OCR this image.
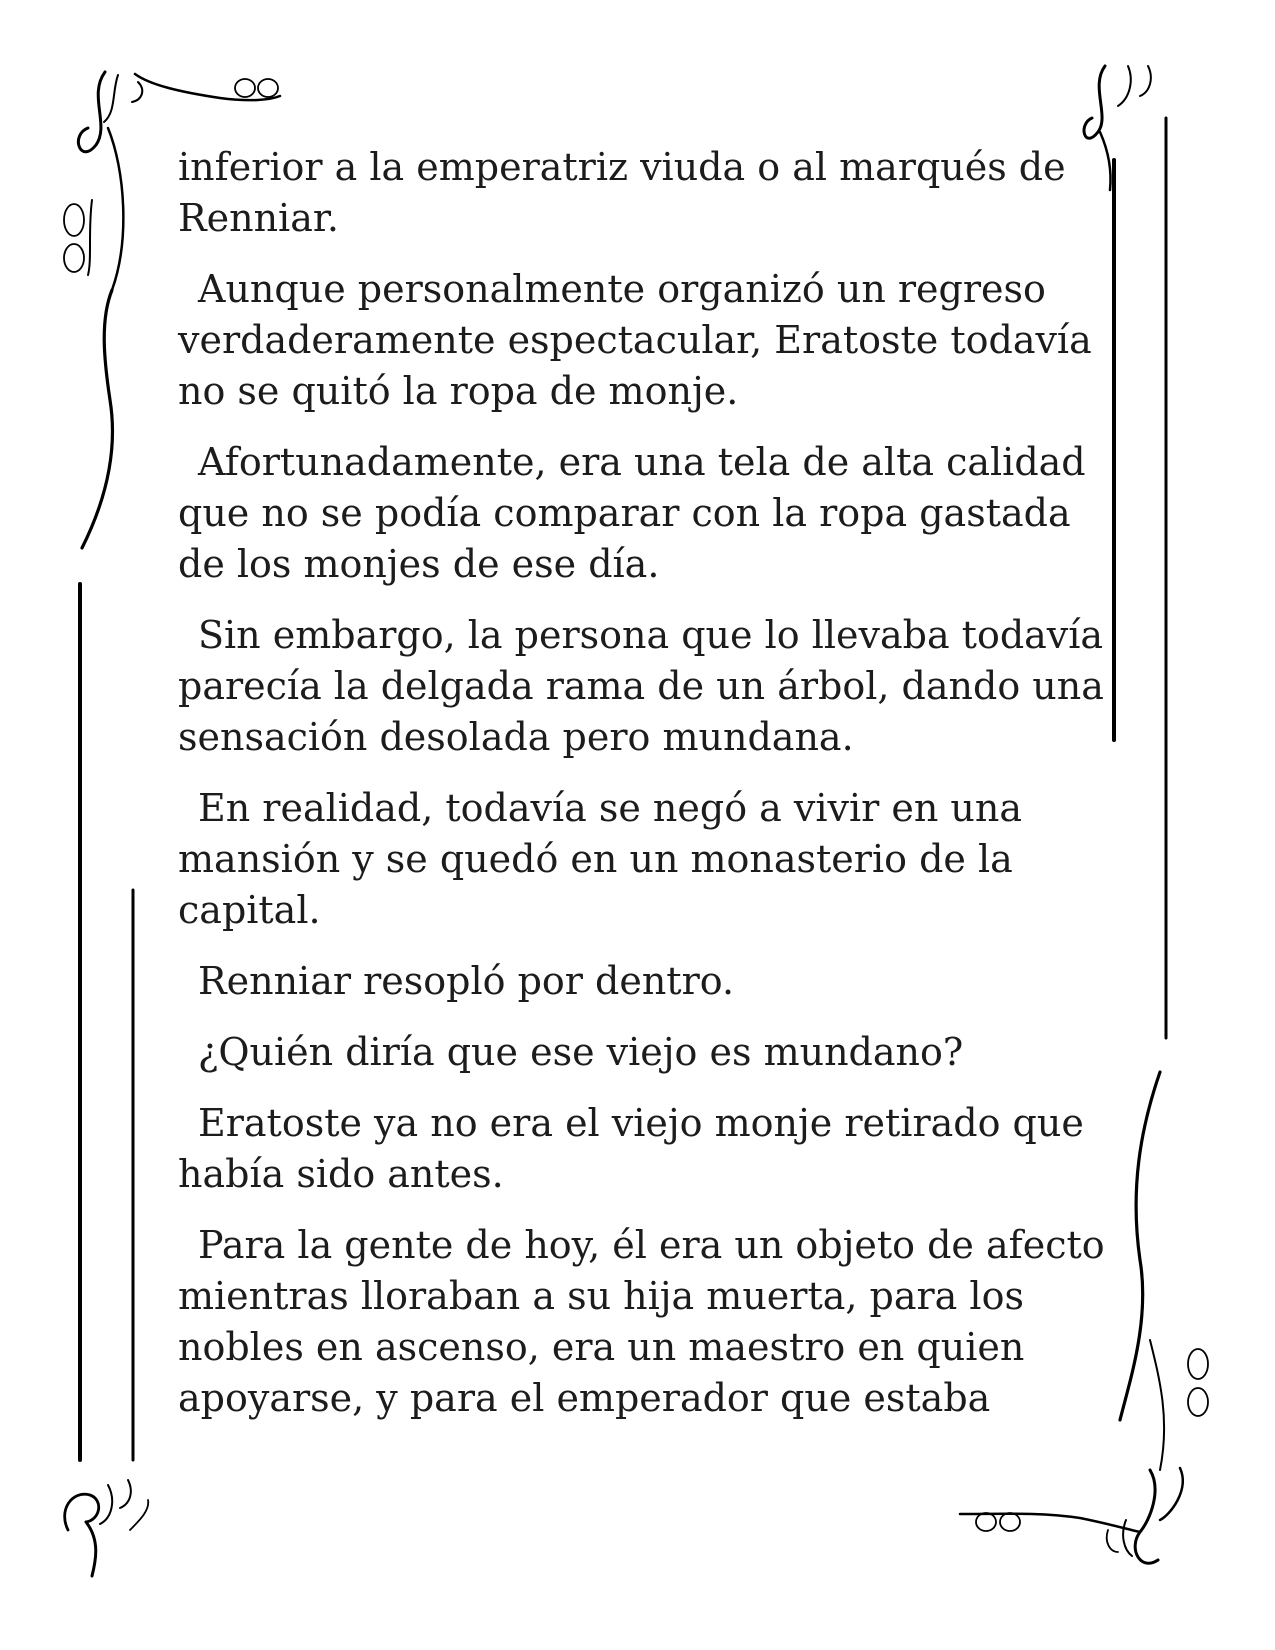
inferior a la emperatriz viuda o al marqués de Renniar.

Aunque personalmente organizó un regreso verdaderamente espectacular, Eratoste todavía no se quitó la ropa de monje.

Afortunadamente, era una tela de alta calidad que no se podía comparar con la ropa gastada de los monjes de ese día.

Sin embargo, la persona que lo llevaba todavía parecía la delgada rama de un árbol, dando una sensación desolada pero mundana.

En realidad, todavía se negó a vivir en una mansión y se quedó en un monasterio de la capital.

Renniar resopló por dentro.

¿Quién diría que ese viejo es mundano?

Eratoste ya no era el viejo monje retirado que había sido antes.

Para la gente de hoy, él era un objeto de afecto mientras lloraban a su hija muerta, para los nobles en ascenso, era un maestro en quien apoyarse, y para el emperador que estaba
